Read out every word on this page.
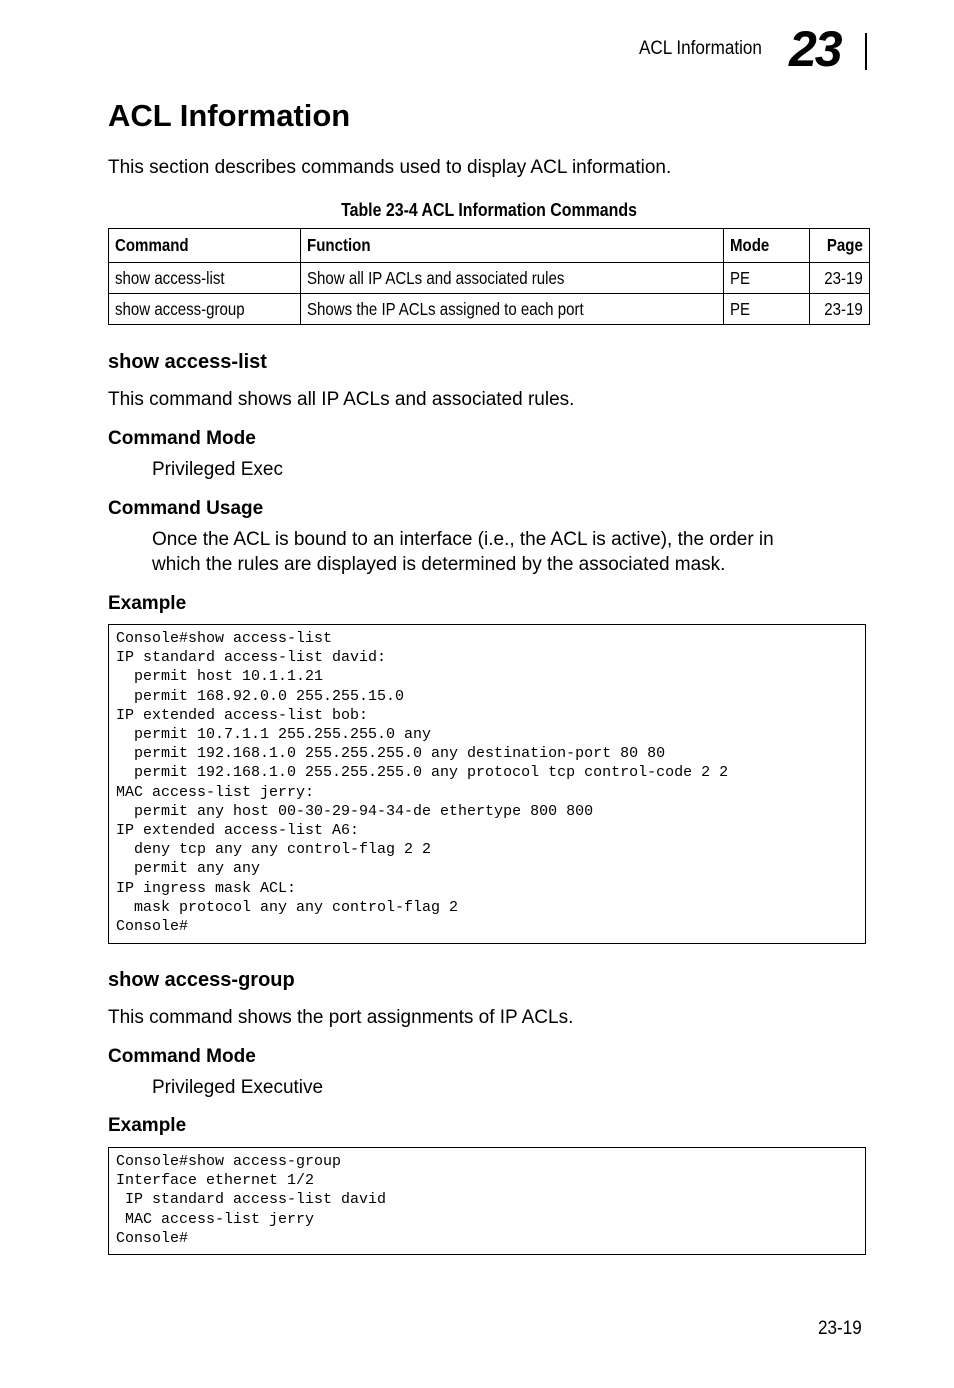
ACL Information 23
ACL Information

This section describes commands used to display ACL information.

Table 23-4 ACL Information Commands
Command	Function	Mode	Page
show access-list	Show all IP ACLs and associated rules	PE	23-19
show access-group	Shows the IP ACLs assigned to each port	PE	23-19
show access-list

This command shows all IP ACLs and associated rules.

Command Mode

Privileged Exec

Command Usage

Once the ACL is bound to an interface (i.e., the ACL is active), the order in

which the rules are displayed is determined by the associated mask.

Example
Console#show access-list
IP standard access-list david:
permit host 10.1.1.21
permit 168.92.0.0 255.255.15.0
IP extended access-list bob:
permit 10.7.1.1 255.255.255.0 any
permit 192.168.1.0 255.255.255.0 any destination-port 80 80
permit 192.168.1.0 255.255.255.0 any protocol tcp control-code 2 2
MAC access-list jerry:
permit any host 00-30-29-94-34-de ethertype 800 800
IP extended access-list A6:
deny tcp any any control-flag 2 2
permit any any
IP ingress mask ACL:
mask protocol any any control-flag 2
Console#
show access-group

This command shows the port assignments of IP ACLs.

Command Mode

Privileged Executive

Example
Console#show access-group
Interface ethernet 1/2
IP standard access-list david
MAC access-list jerry
Console#
23-19
